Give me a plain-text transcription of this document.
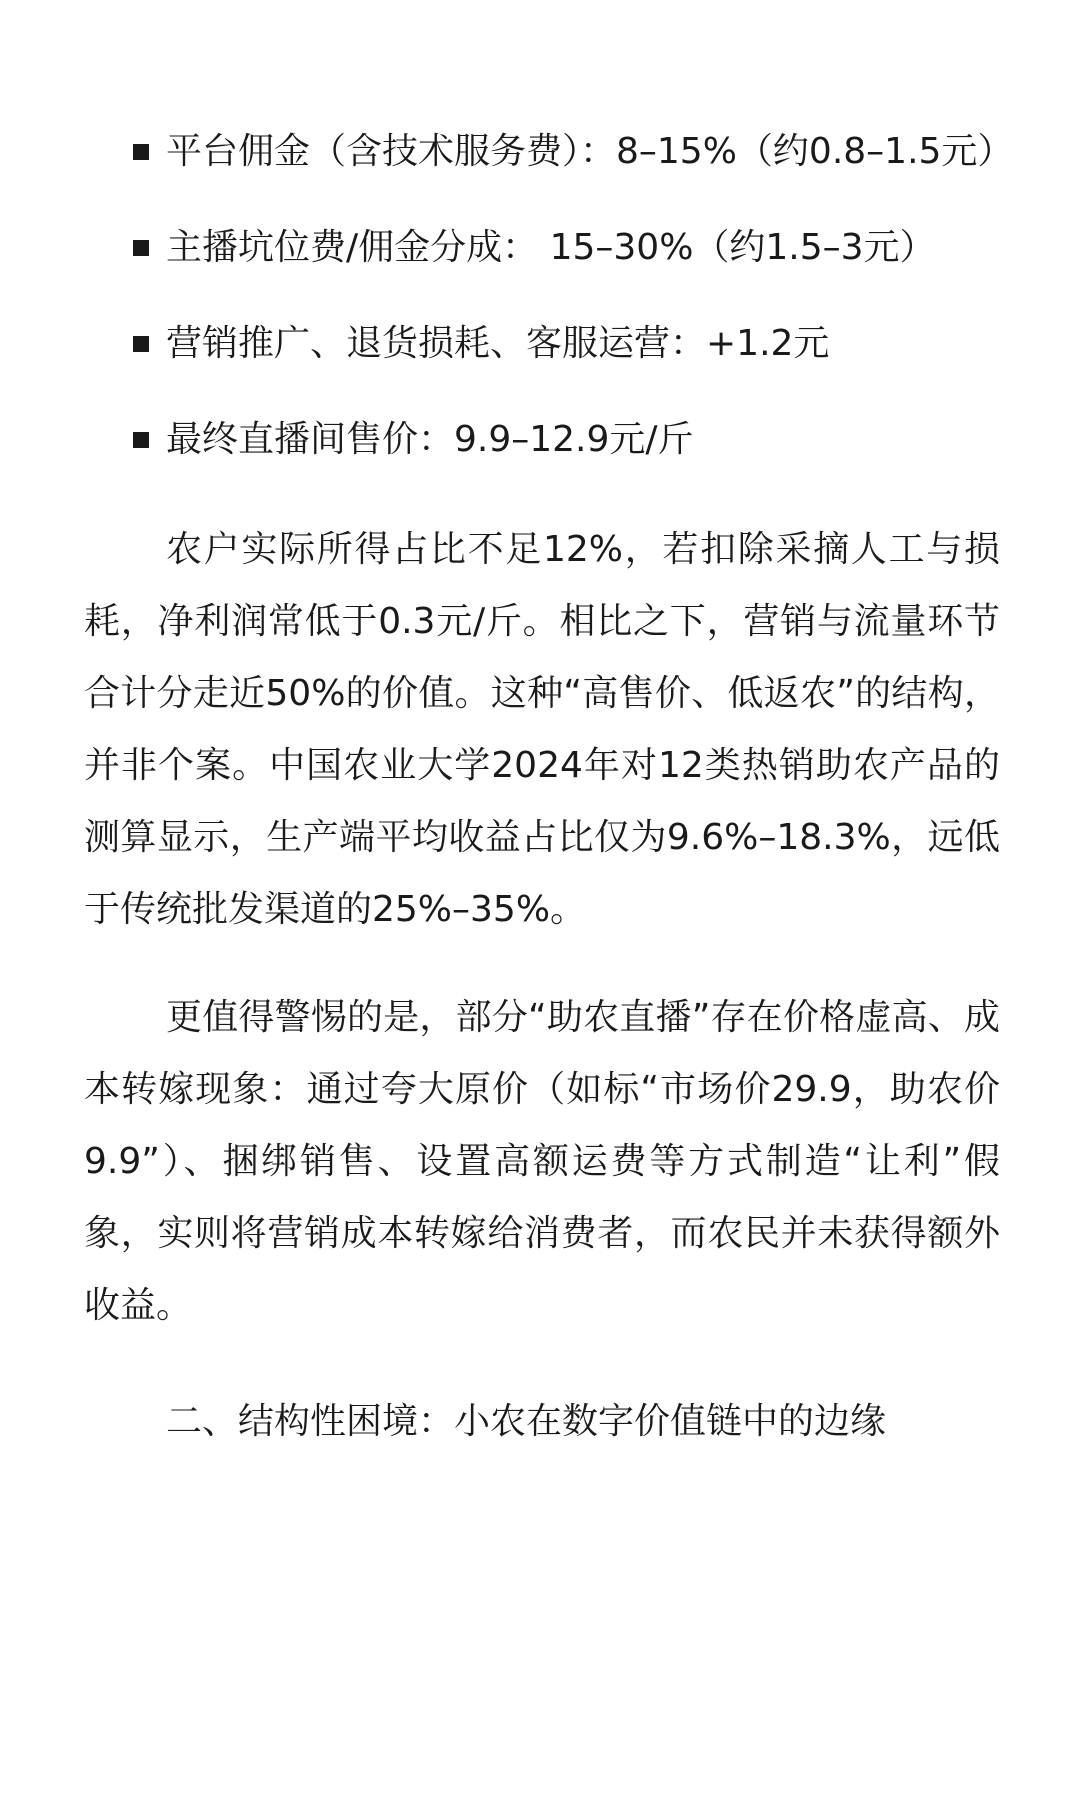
平台佣金（含技术服务费）：8–15%（约0.8–1.5元）
主播坑位费/佣金分成： 15–30%（约1.5–3元）
营销推广、退货损耗、客服运营：+1.2元
最终直播间售价：9.9–12.9元/斤

农户实际所得占比不足12%，若扣除采摘人工与损耗，净利润常低于0.3元/斤。相比之下，营销与流量环节合计分走近50%的价值。这种“高售价、低返农”的结构，并非个案。中国农业大学2024年对12类热销助农产品的测算显示，生产端平均收益占比仅为9.6%–18.3%，远低于传统批发渠道的25%–35%。

更值得警惕的是，部分“助农直播”存在价格虚高、成本转嫁现象：通过夸大原价（如标“市场价29.9，助农价9.9”）、捆绑销售、设置高额运费等方式制造“让利”假象，实则将营销成本转嫁给消费者，而农民并未获得额外收益。

二、结构性困境：小农在数字价值链中的边缘
